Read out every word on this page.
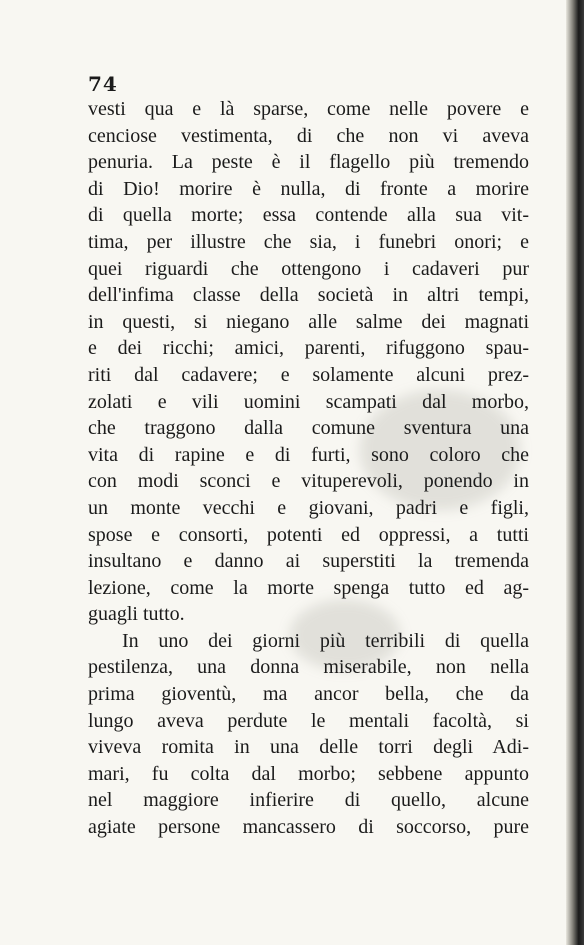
74
vesti qua e là sparse, come nelle povere e
cenciose vestimenta, di che non vi aveva
penuria. La peste è il flagello più tremendo
di Dio! morire è nulla, di fronte a morire
di quella morte; essa contende alla sua vit-
tima, per illustre che sia, i funebri onori; e
quei riguardi che ottengono i cadaveri pur
dell'infima classe della società in altri tempi,
in questi, si niegano alle salme dei magnati
e dei ricchi; amici, parenti, rifuggono spau-
riti dal cadavere; e solamente alcuni prez-
zolati e vili uomini scampati dal morbo,
che traggono dalla comune sventura una
vita di rapine e di furti, sono coloro che
con modi sconci e vituperevoli, ponendo in
un monte vecchi e giovani, padri e figli,
spose e consorti, potenti ed oppressi, a tutti
insultano e danno ai superstiti la tremenda
lezione, come la morte spenga tutto ed ag-
guagli tutto.
In uno dei giorni più terribili di quella
pestilenza, una donna miserabile, non nella
prima gioventù, ma ancor bella, che da
lungo aveva perdute le mentali facoltà, si
viveva romita in una delle torri degli Adi-
mari, fu colta dal morbo; sebbene appunto
nel maggiore infierire di quello, alcune
agiate persone mancassero di soccorso, pure
